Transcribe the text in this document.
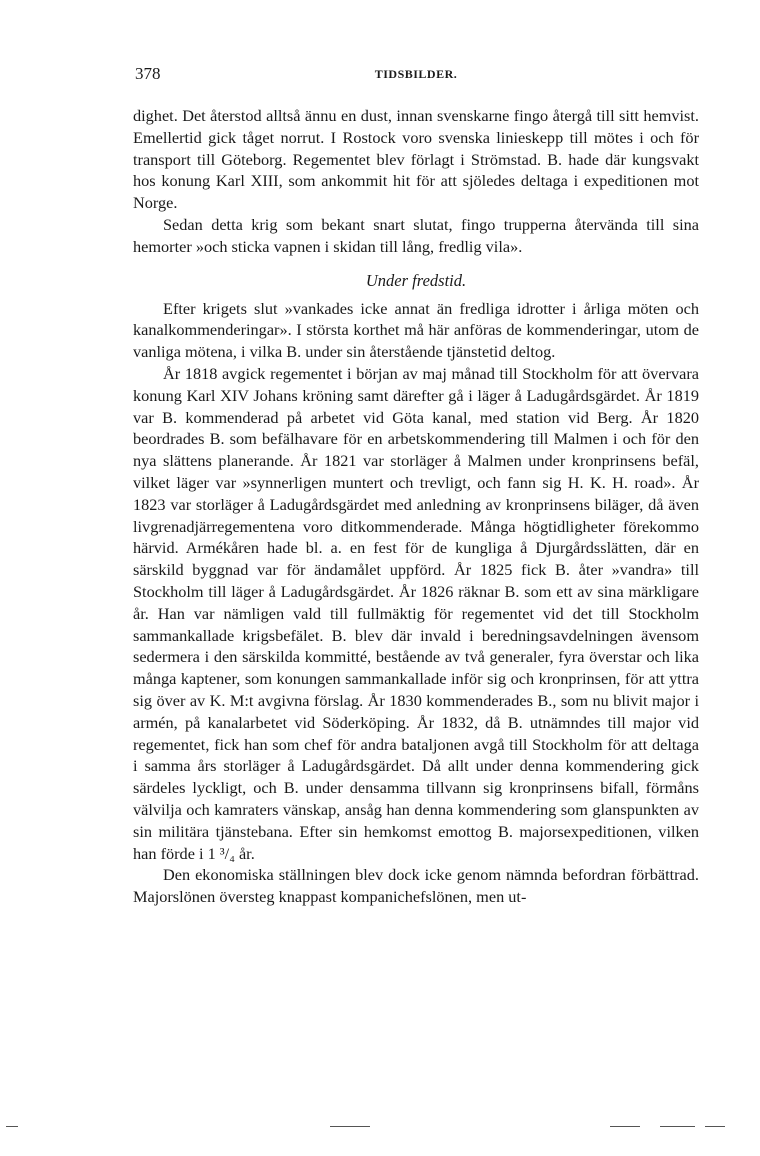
378	TIDSBILDER.

dighet. Det återstod alltså ännu en dust, innan svenskarne fingo återgå till sitt hemvist. Emellertid gick tåget norrut. I Rostock voro svenska linieskepp till mötes i och för transport till Göteborg. Regementet blev förlagt i Strömstad. B. hade där kungsvakt hos konung Karl XIII, som ankommit hit för att sjöledes deltaga i expeditionen mot Norge.

Sedan detta krig som bekant snart slutat, fingo trupperna återvända till sina hemorter »och sticka vapnen i skidan till lång, fredlig vila».

Under fredstid.

Efter krigets slut »vankades icke annat än fredliga idrotter i årliga möten och kanalkommenderingar». I största korthet må här anföras de kommenderingar, utom de vanliga mötena, i vilka B. under sin återstående tjänstetid deltog.

År 1818 avgick regementet i början av maj månad till Stockholm för att övervara konung Karl XIV Johans kröning samt därefter gå i läger å Ladugårdsgärdet. År 1819 var B. kommenderad på arbetet vid Göta kanal, med station vid Berg. År 1820 beordrades B. som befälhavare för en arbetskommendering till Malmen i och för den nya slättens planerande. År 1821 var storläger å Malmen under kronprinsens befäl, vilket läger var »synnerligen muntert och trevligt, och fann sig H. K. H. road». År 1823 var storläger å Ladugårdsgärdet med anledning av kronprinsens biläger, då även livgrenadjärregementena voro ditkommenderade. Många högtidligheter förekommo härvid. Armékåren hade bl. a. en fest för de kungliga å Djurgårdsslätten, där en särskild byggnad var för ändamålet uppförd. År 1825 fick B. åter »vandra» till Stockholm till läger å Ladugårdsgärdet. År 1826 räknar B. som ett av sina märkligare år. Han var nämligen vald till fullmäktig för regementet vid det till Stockholm sammankallade krigsbefälet. B. blev där invald i beredningsavdelningen ävensom sedermera i den särskilda kommitté, bestående av två generaler, fyra överstar och lika många kaptener, som konungen sammankallade inför sig och kronprinsen, för att yttra sig över av K. M:t avgivna förslag. År 1830 kommenderades B., som nu blivit major i armén, på kanalarbetet vid Söderköping. År 1832, då B. utnämndes till major vid regementet, fick han som chef för andra bataljonen avgå till Stockholm för att deltaga i samma års storläger å Ladugårdsgärdet. Då allt under denna kommendering gick särdeles lyckligt, och B. under densamma tillvann sig kronprinsens bifall, förmåns välvilja och kamraters vänskap, ansåg han denna kommendering som glanspunkten av sin militära tjänstebana. Efter sin hemkomst emottog B. majorsexpeditionen, vilken han förde i 1 ³/₄ år.

Den ekonomiska ställningen blev dock icke genom nämnda befordran förbättrad. Majorslönen översteg knappast kompanichefslönen, men ut-
